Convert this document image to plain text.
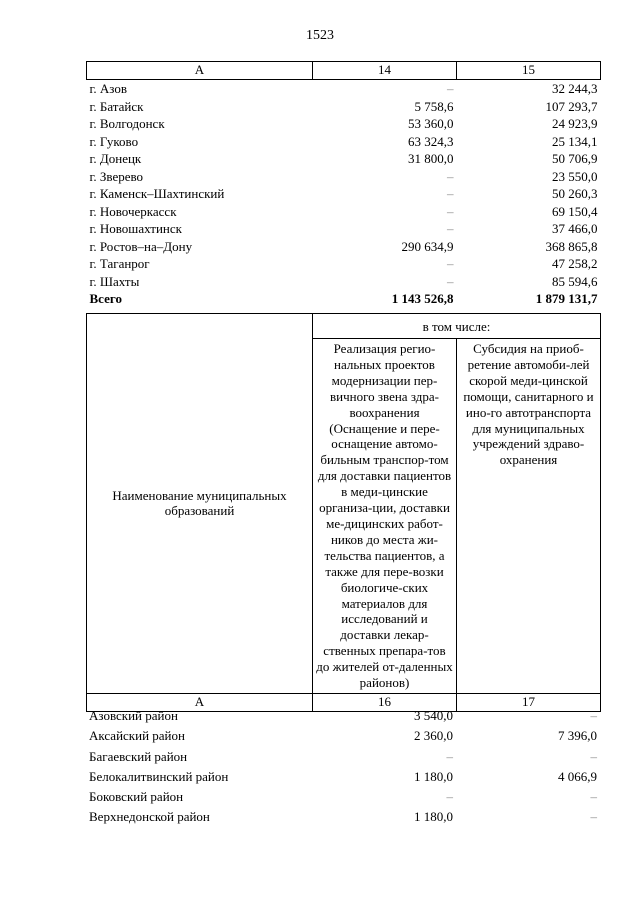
1523
А	14	15
г. Азов	–	32 244,3
г. Батайск	5 758,6	107 293,7
г. Волгодонск	53 360,0	24 923,9
г. Гуково	63 324,3	25 134,1
г. Донецк	31 800,0	50 706,9
г. Зверево	–	23 550,0
г. Каменск–Шахтинский	–	50 260,3
г. Новочеркасск	–	69 150,4
г. Новошахтинск	–	37 466,0
г. Ростов–на–Дону	290 634,9	368 865,8
г. Таганрог	–	47 258,2
г. Шахты	–	85 594,6
Всего	1 143 526,8	1 879 131,7
Наименование муниципальных образований	в том числе:	
	Реализация регио-нальных проектов модернизации пер-вичного звена здра-воохранения (Оснащение и пере-оснащение автомо-бильным транспор-том для доставки пациентов в меди-цинские организа-ции, доставки ме-дицинских работ-ников до места жи-тельства пациентов, а также для пере-возки биологиче-ских материалов для исследований и доставки лекар-ственных препара-тов до жителей от-даленных районов)	Субсидия на приоб-ретение автомоби-лей скорой меди-цинской помощи, санитарного и ино-го автотранспорта для муниципальных учреждений здраво-охранения
А	16	17
Азовский район	3 540,0	–
Аксайский район	2 360,0	7 396,0
Багаевский район	–	–
Белокалитвинский район	1 180,0	4 066,9
Боковский район	–	–
Верхнедонской район	1 180,0	–
